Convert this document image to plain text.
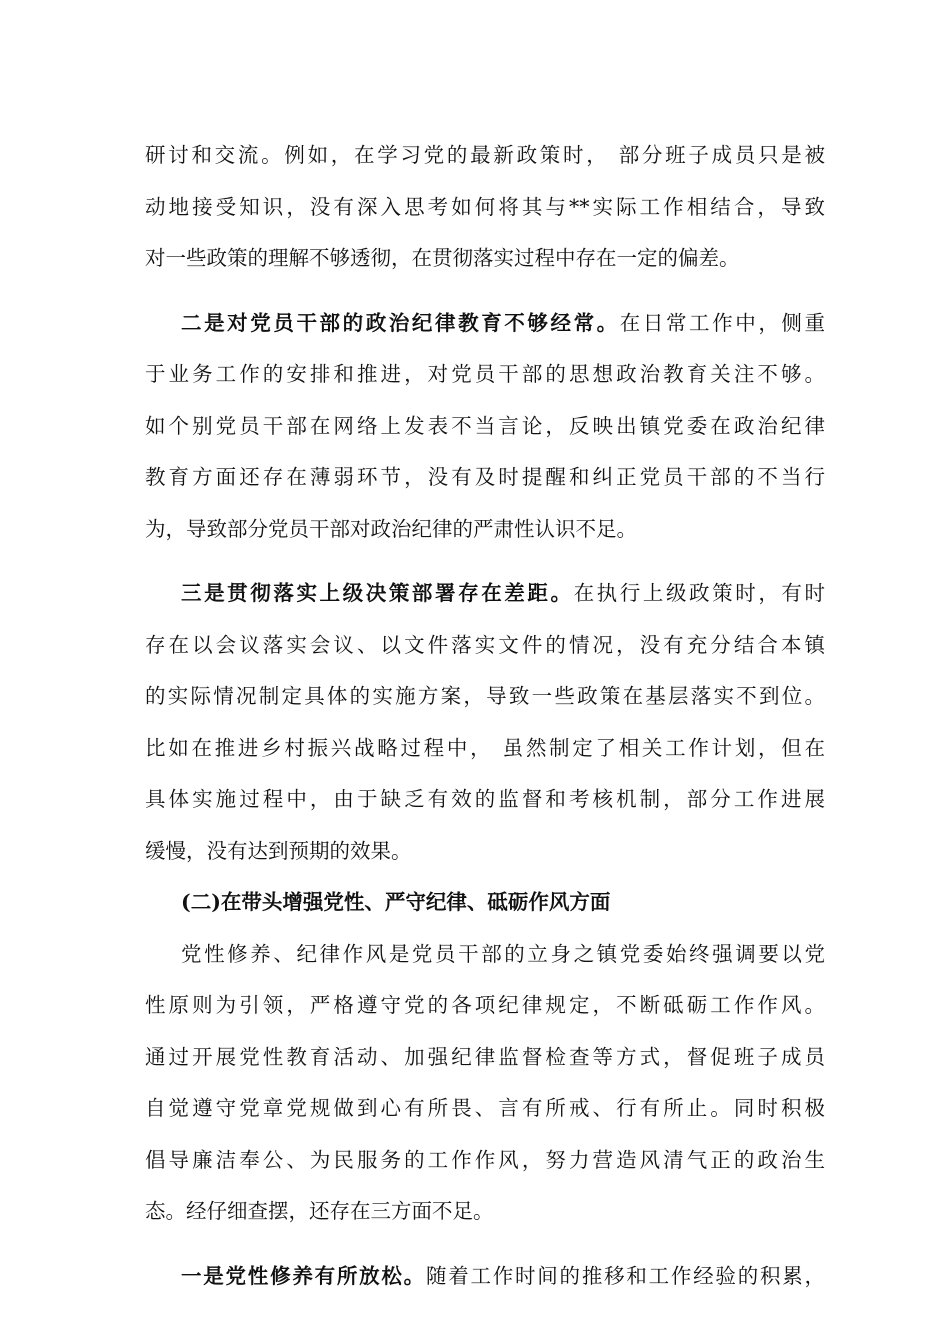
研讨和交流。例如，在学习党的最新政策时， 部分班子成员只是被
动地接受知识，没有深入思考如何将其与**实际工作相结合，导致
对一些政策的理解不够透彻，在贯彻落实过程中存在一定的偏差。
二是对党员干部的政治纪律教育不够经常。在日常工作中，侧重
于业务工作的安排和推进，对党员干部的思想政治教育关注不够。
如个别党员干部在网络上发表不当言论，反映出镇党委在政治纪律
教育方面还存在薄弱环节，没有及时提醒和纠正党员干部的不当行
为，导致部分党员干部对政治纪律的严肃性认识不足。
三是贯彻落实上级决策部署存在差距。在执行上级政策时，有时
存在以会议落实会议、以文件落实文件的情况，没有充分结合本镇
的实际情况制定具体的实施方案，导致一些政策在基层落实不到位。
比如在推进乡村振兴战略过程中， 虽然制定了相关工作计划，但在
具体实施过程中，由于缺乏有效的监督和考核机制，部分工作进展
缓慢，没有达到预期的效果。
(二)在带头增强党性、严守纪律、砥砺作风方面
党性修养、纪律作风是党员干部的立身之镇党委始终强调要以党
性原则为引领，严格遵守党的各项纪律规定，不断砥砺工作作风。
通过开展党性教育活动、加强纪律监督检查等方式，督促班子成员
自觉遵守党章党规做到心有所畏、言有所戒、行有所止。同时积极
倡导廉洁奉公、为民服务的工作作风，努力营造风清气正的政治生
态。经仔细查摆，还存在三方面不足。
一是党性修养有所放松。随着工作时间的推移和工作经验的积累，
